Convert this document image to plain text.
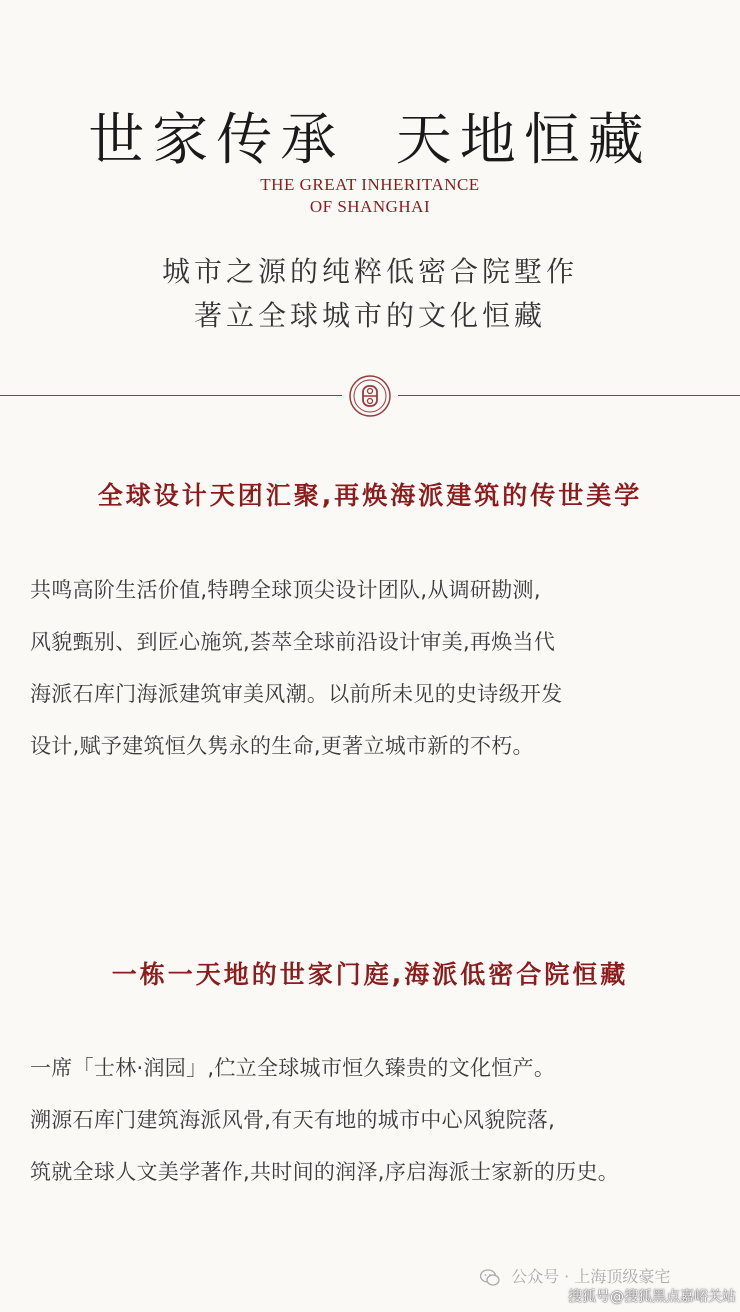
世家传承  天地恒藏
THE GREAT INHERITANCE
OF SHANGHAI
城市之源的纯粹低密合院墅作
著立全球城市的文化恒藏
全球设计天团汇聚,再焕海派建筑的传世美学
共鸣高阶生活价值,特聘全球顶尖设计团队,从调研勘测,
风貌甄别、到匠心施筑,荟萃全球前沿设计审美,再焕当代
海派石库门海派建筑审美风潮。以前所未见的史诗级开发
设计,赋予建筑恒久隽永的生命,更著立城市新的不朽。
一栋一天地的世家门庭,海派低密合院恒藏
一席「士林·润园」,伫立全球城市恒久臻贵的文化恒产。
溯源石库门建筑海派风骨,有天有地的城市中心风貌院落,
筑就全球人文美学著作,共时间的润泽,序启海派士家新的历史。
公众号 · 上海顶级豪宅
搜狐号@搜狐黑点嘉峪关站
